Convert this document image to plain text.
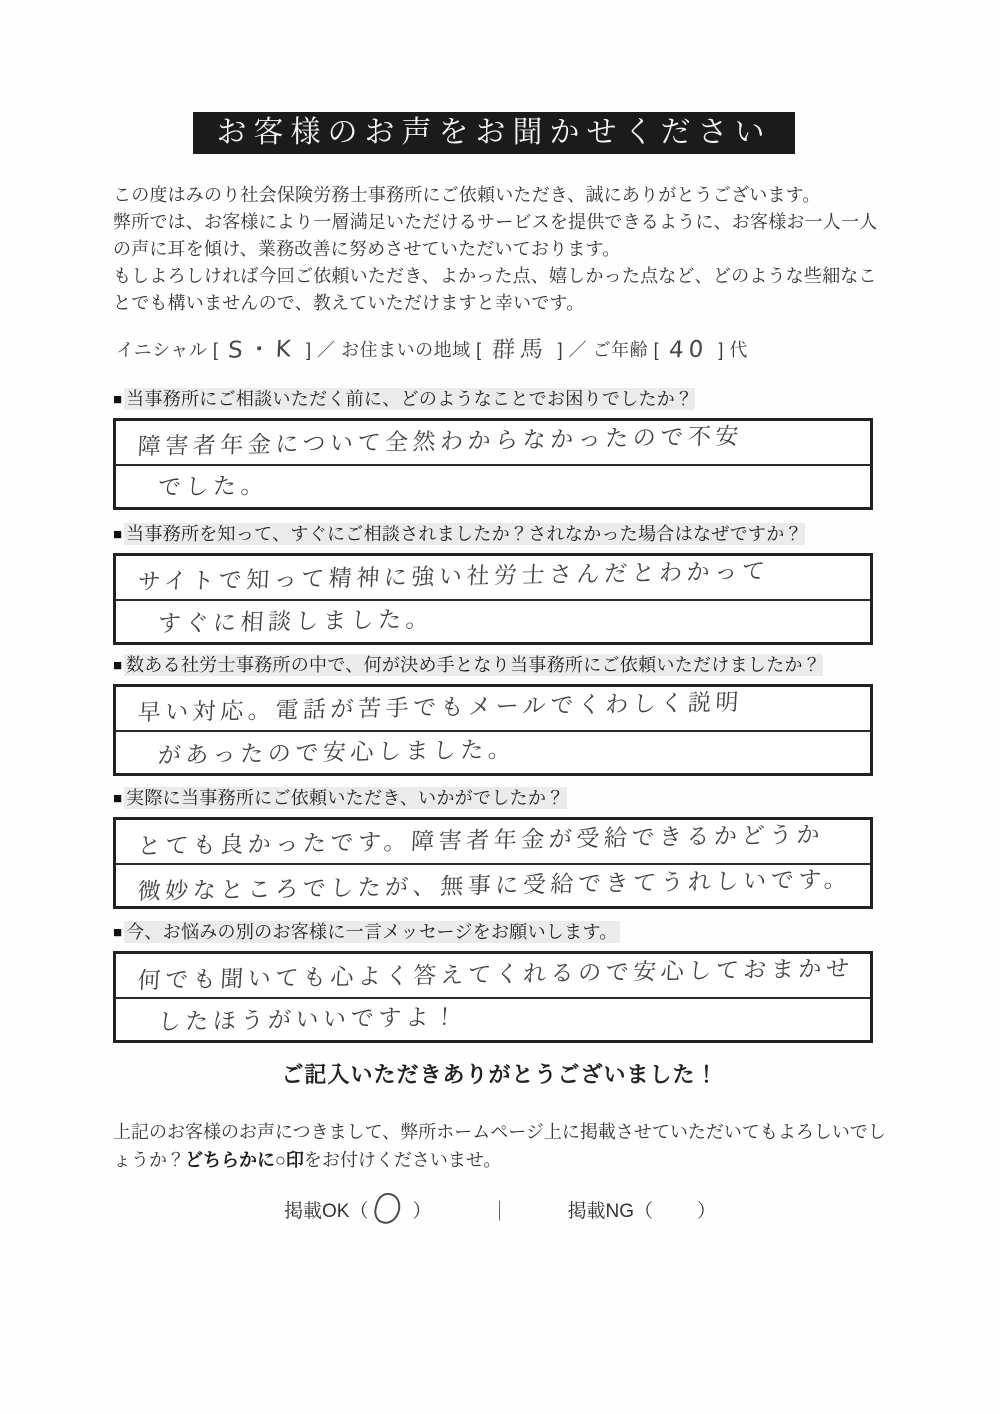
お客様のお声をお聞かせください

この度はみのり社会保険労務士事務所にご依頼いただき、誠にありがとうございます。

弊所では、お客様により一層満足いただけるサービスを提供できるように、お客様お一人一人の声に耳を傾け、業務改善に努めさせていただいております。

もしよろしければ今回ご依頼いただき、よかった点、嬉しかった点など、どのような些細なことでも構いませんので、教えていただけますと幸いです。

イニシャル [ S・K ] ／ お住まいの地域 [ 群馬 ] ／ ご年齢 [ 40 ] 代
■ 当事務所にご相談いただく前に、どのようなことでお困りでしたか？
障害者年金について全然わからなかったので不安
でした。
■ 当事務所を知って、すぐにご相談されましたか？されなかった場合はなぜですか？
サイトで知って精神に強い社労士さんだとわかって
すぐに相談しました。
■ 数ある社労士事務所の中で、何が決め手となり当事務所にご依頼いただけましたか？
早い対応。電話が苦手でもメールでくわしく説明
があったので安心しました。
■ 実際に当事務所にご依頼いただき、いかがでしたか？
とても良かったです。障害者年金が受給できるかどうか
微妙なところでしたが、無事に受給できてうれしいです。
■ 今、お悩みの別のお客様に一言メッセージをお願いします。
何でも聞いても心よく答えてくれるので安心しておまかせ
したほうがいいですよ！
ご記入いただきありがとうございました！

上記のお客様のお声につきまして、弊所ホームページ上に掲載させていただいてもよろしいでしょうか？どちらかに○印をお付けくださいませ。

掲載OK （ ）	｜	掲載NG （ ）
